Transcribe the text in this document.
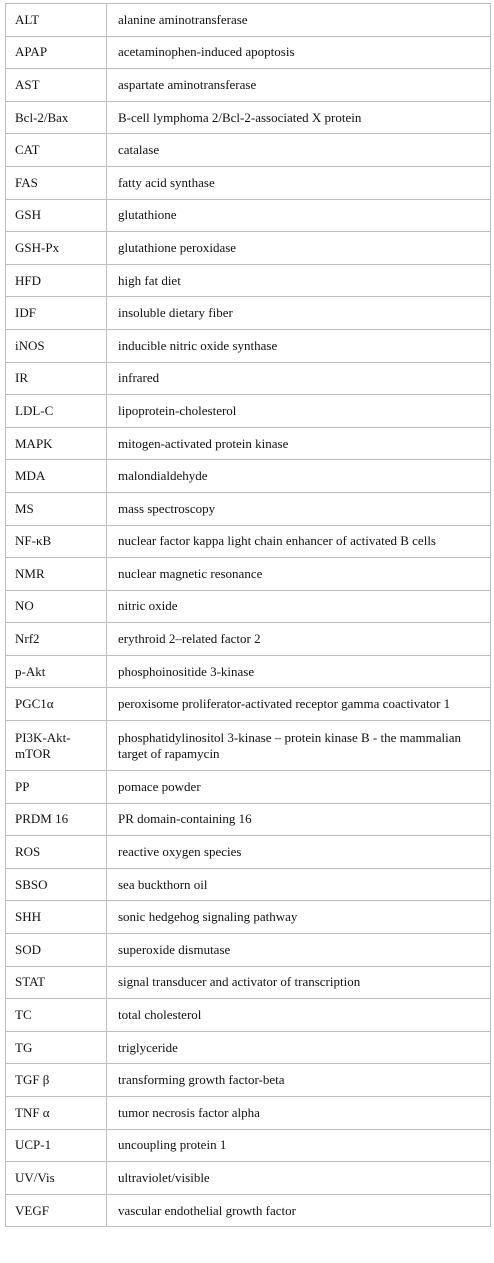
ALT	alanine aminotransferase
APAP	acetaminophen-induced apoptosis
AST	aspartate aminotransferase
Bcl-2/Bax	B-cell lymphoma 2/Bcl-2-associated X protein
CAT	catalase
FAS	fatty acid synthase
GSH	glutathione
GSH-Px	glutathione peroxidase
HFD	high fat diet
IDF	insoluble dietary fiber
iNOS	inducible nitric oxide synthase
IR	infrared
LDL-C	lipoprotein-cholesterol
MAPK	mitogen-activated protein kinase
MDA	malondialdehyde
MS	mass spectroscopy
NF-κB	nuclear factor kappa light chain enhancer of activated B cells
NMR	nuclear magnetic resonance
NO	nitric oxide
Nrf2	erythroid 2–related factor 2
p-Akt	phosphoinositide 3-kinase
PGC1α	peroxisome proliferator-activated receptor gamma coactivator 1
PI3K-Akt-mTOR	phosphatidylinositol 3-kinase – protein kinase B - the mammalian target of rapamycin
PP	pomace powder
PRDM 16	PR domain-containing 16
ROS	reactive oxygen species
SBSO	sea buckthorn oil
SHH	sonic hedgehog signaling pathway
SOD	superoxide dismutase
STAT	signal transducer and activator of transcription
TC	total cholesterol
TG	triglyceride
TGF β	transforming growth factor-beta
TNF α	tumor necrosis factor alpha
UCP-1	uncoupling protein 1
UV/Vis	ultraviolet/visible
VEGF	vascular endothelial growth factor
